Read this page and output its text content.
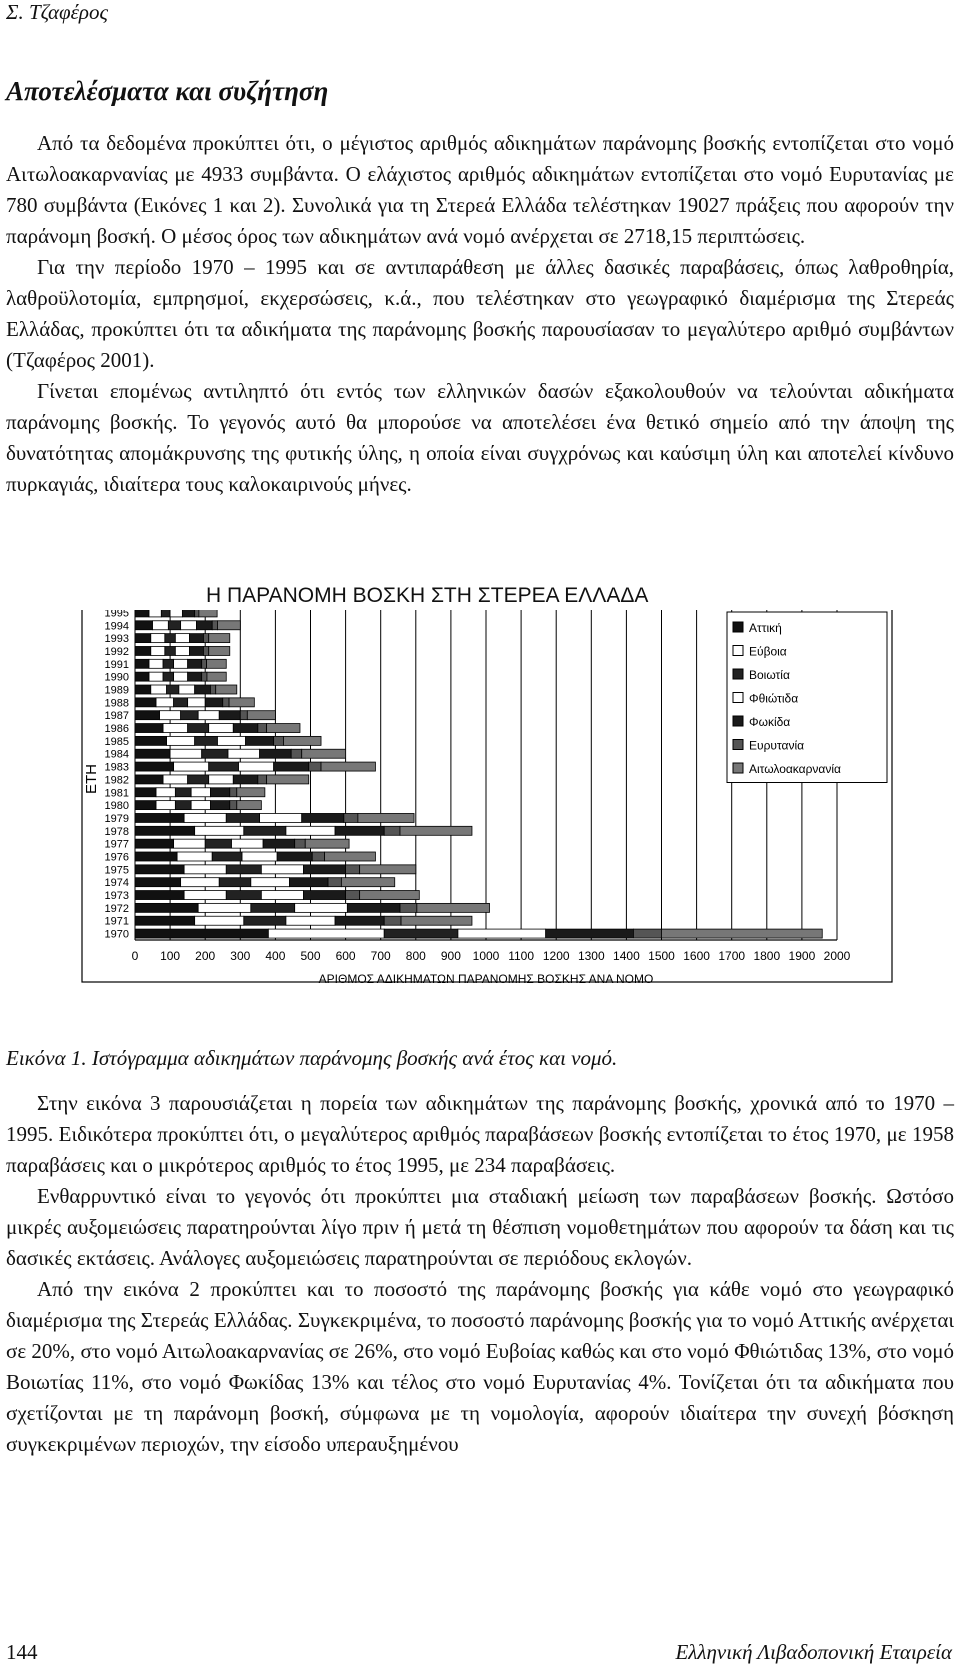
Σ. Τζαφέρος
Αποτελέσματα και συζήτηση

Από τα δεδομένα προκύπτει ότι, ο μέγιστος αριθμός αδικημάτων παράνομης βοσκής εντοπίζεται στο νομό Αιτωλοακαρνανίας με 4933 συμβάντα. Ο ελάχιστος αριθμός αδικημάτων εντοπίζεται στο νομό Ευρυτανίας με 780 συμβάντα (Εικόνες 1 και 2). Συνολικά για τη Στερεά Ελλάδα τελέστηκαν 19027 πράξεις που αφορούν την παράνομη βοσκή. Ο μέσος όρος των αδικημάτων ανά νομό ανέρχεται σε 2718,15 περιπτώσεις.

Για την περίοδο 1970 – 1995 και σε αντιπαράθεση με άλλες δασικές παραβάσεις, όπως λαθροθηρία, λαθροϋλοτομία, εμπρησμοί, εκχερσώσεις, κ.ά., που τελέστηκαν στο γεωγραφικό διαμέρισμα της Στερεάς Ελλάδας, προκύπτει ότι τα αδικήματα της παράνομης βοσκής παρουσίασαν το μεγαλύτερο αριθμό συμβάντων (Τζαφέρος 2001).

Γίνεται επομένως αντιληπτό ότι εντός των ελληνικών δασών εξακολουθούν να τελούνται αδικήματα παράνομης βοσκής. Το γεγονός αυτό θα μπορούσε να αποτελέσει ένα θετικό σημείο από την άποψη της δυνατότητας απομάκρυνσης της φυτικής ύλης, η οποία είναι συγχρόνως και καύσιμη ύλη και αποτελεί κίνδυνο πυρκαγιάς, ιδιαίτερα τους καλοκαιρινούς μήνες.

Η ΠΑΡΑΝΟΜΗ ΒΟΣΚΗ ΣΤΗ ΣΤΕΡΕΑ ΕΛΛΑΔΑ
0 100 200 300 400 500 600 700 800 900 1000 1100 1200 1300 1400 1500 1600 1700 1800 1900 2000
ΑΡΙΘΜΟΣ ΑΔΙΚΗΜΑΤΩΝ ΠΑΡΑΝΟΜΗΣ ΒΟΣΚΗΣ ΑΝΑ ΝΟΜΟ
ΕΤΗ
1995
1994
1993
1992
1991
1990
1989
1988
1987
1986
1985
1984
1983
1982
1981
1980
1979
1978
1977
1976
1975
1974
1973
1972
1971
1970
Αττική
Εύβοια
Βοιωτία
Φθιώτιδα
Φωκίδα
Ευρυτανία
Αιτωλοακαρνανία
Εικόνα 1. Ιστόγραμμα αδικημάτων παράνομης βοσκής ανά έτος και νομό.

Στην εικόνα 3 παρουσιάζεται η πορεία των αδικημάτων της παράνομης βοσκής, χρονικά από το 1970 – 1995. Ειδικότερα προκύπτει ότι, ο μεγαλύτερος αριθμός παραβάσεων βοσκής εντοπίζεται το έτος 1970, με 1958 παραβάσεις και ο μικρότερος αριθμός το έτος 1995, με 234 παραβάσεις.

Ενθαρρυντικό είναι το γεγονός ότι προκύπτει μια σταδιακή μείωση των παραβάσεων βοσκής. Ωστόσο μικρές αυξομειώσεις παρατηρούνται λίγο πριν ή μετά τη θέσπιση νομοθετημάτων που αφορούν τα δάση και τις δασικές εκτάσεις. Ανάλογες αυξομειώσεις παρατηρούνται σε περιόδους εκλογών.

Από την εικόνα 2 προκύπτει και το ποσοστό της παράνομης βοσκής για κάθε νομό στο γεωγραφικό διαμέρισμα της Στερεάς Ελλάδας. Συγκεκριμένα, το ποσοστό παράνομης βοσκής για το νομό Αττικής ανέρχεται σε 20%, στο νομό Αιτωλοακαρνανίας σε 26%, στο νομό Ευβοίας καθώς και στο νομό Φθιώτιδας 13%, στο νομό Βοιωτίας 11%, στο νομό Φωκίδας 13% και τέλος στο νομό Ευρυτανίας 4%. Τονίζεται ότι τα αδικήματα που σχετίζονται με τη παράνομη βοσκή, σύμφωνα με τη νομολογία, αφορούν ιδιαίτερα την συνεχή βόσκηση συγκεκριμένων περιοχών, την είσοδο υπεραυξημένου

144	Ελληνική Λιβαδοπονική Εταιρεία
